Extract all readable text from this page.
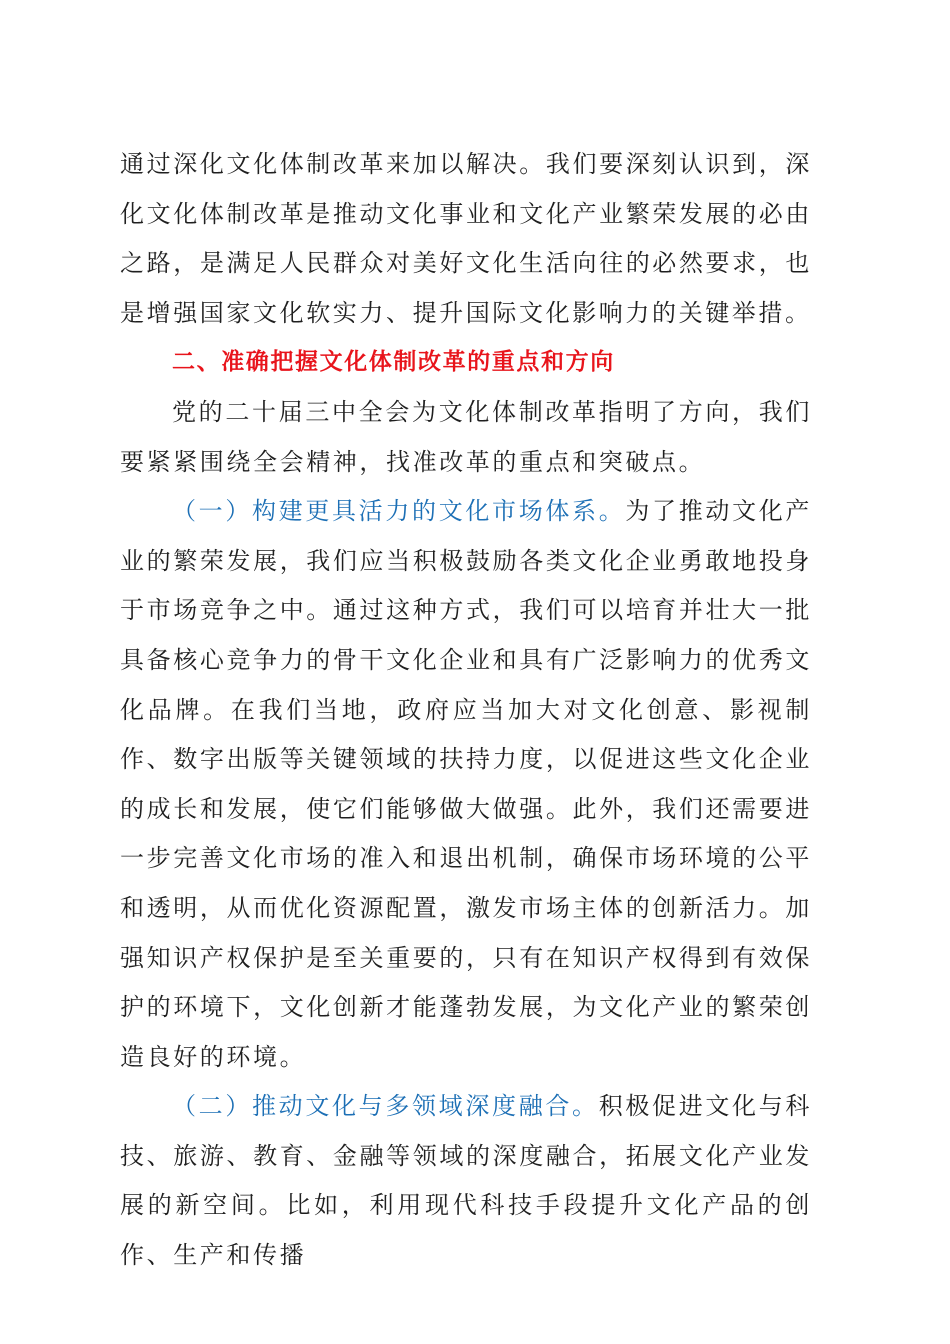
通过深化文化体制改革来加以解决。我们要深刻认识到，深化文化体制改革是推动文化事业和文化产业繁荣发展的必由之路，是满足人民群众对美好文化生活向往的必然要求，也是增强国家文化软实力、提升国际文化影响力的关键举措。

二、准确把握文化体制改革的重点和方向

党的二十届三中全会为文化体制改革指明了方向，我们要紧紧围绕全会精神，找准改革的重点和突破点。

（一）构建更具活力的文化市场体系。为了推动文化产业的繁荣发展，我们应当积极鼓励各类文化企业勇敢地投身于市场竞争之中。通过这种方式，我们可以培育并壮大一批具备核心竞争力的骨干文化企业和具有广泛影响力的优秀文化品牌。在我们当地，政府应当加大对文化创意、影视制作、数字出版等关键领域的扶持力度，以促进这些文化企业的成长和发展，使它们能够做大做强。此外，我们还需要进一步完善文化市场的准入和退出机制，确保市场环境的公平和透明，从而优化资源配置，激发市场主体的创新活力。加强知识产权保护是至关重要的，只有在知识产权得到有效保护的环境下，文化创新才能蓬勃发展，为文化产业的繁荣创造良好的环境。

（二）推动文化与多领域深度融合。积极促进文化与科技、旅游、教育、金融等领域的深度融合，拓展文化产业发展的新空间。比如，利用现代科技手段提升文化产品的创作、生产和传播
